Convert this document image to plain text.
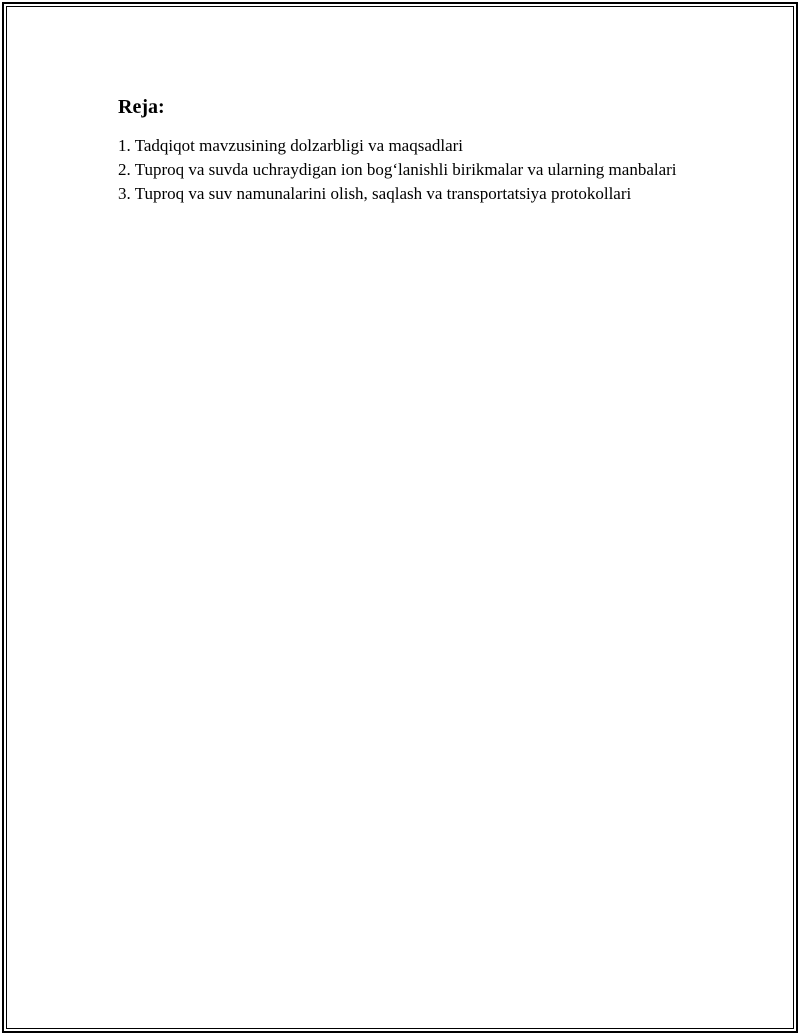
Reja:
1. Tadqiqot mavzusining dolzarbligi va maqsadlari
2. Tuproq va suvda uchraydigan ion bog‘lanishli birikmalar va ularning manbalari
3. Tuproq va suv namunalarini olish, saqlash va transportatsiya protokollari
